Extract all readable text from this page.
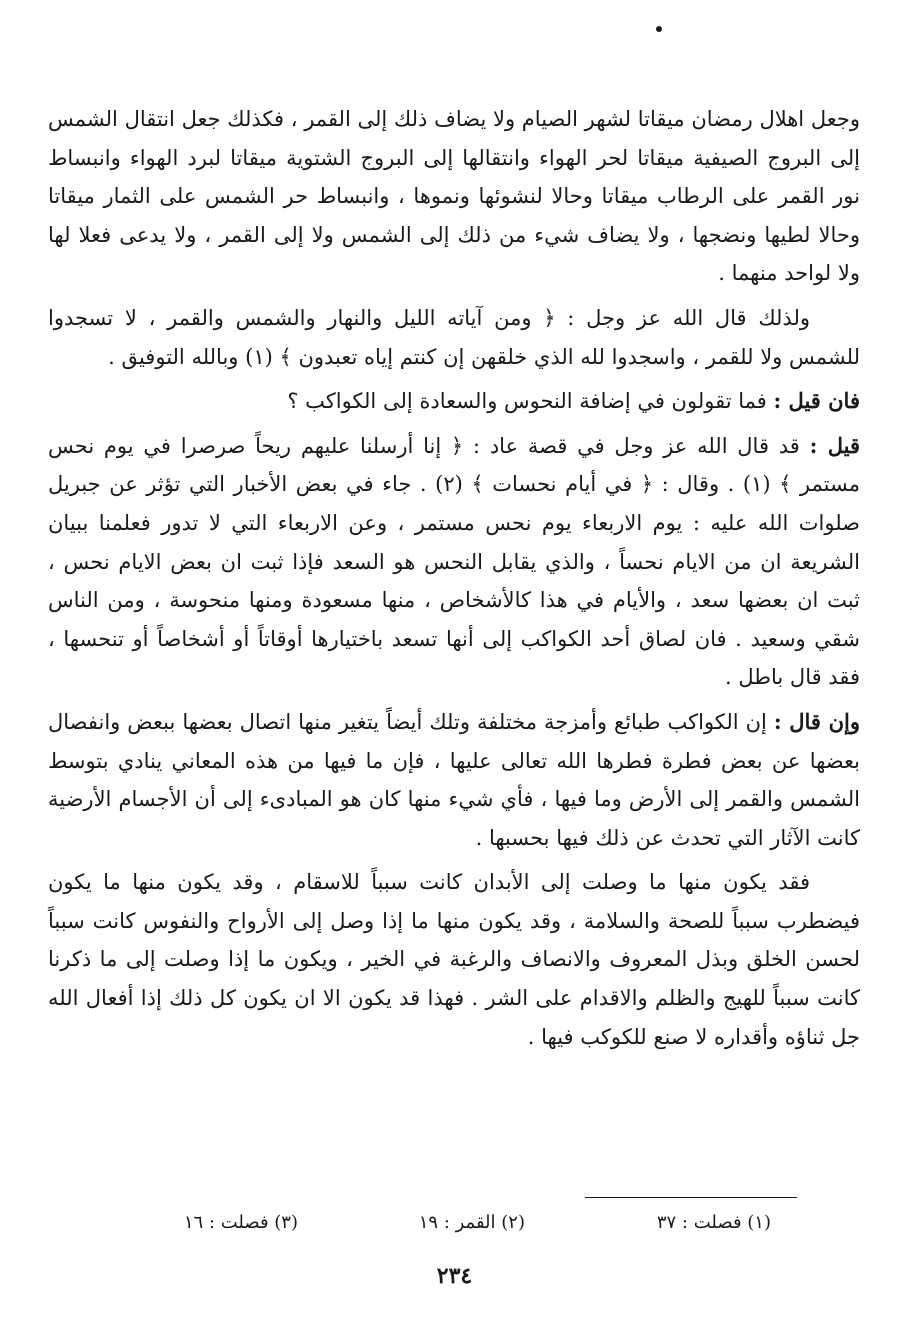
وجعل اهلال رمضان ميقاتا لشهر الصيام ولا يضاف ذلك إلى القمر ، فكذلك جعل انتقال الشمس إلى البروج الصيفية ميقاتا لحر الهواء وانتقالها إلى البروج الشتوية ميقاتا لبرد الهواء وانبساط نور القمر على الرطاب ميقاتا وحالا لنشوئها ونموها ، وانبساط حر الشمس على الثمار ميقاتا وحالا لطيها ونضجها ، ولا يضاف شيء من ذلك إلى الشمس ولا إلى القمر ، ولا يدعى فعلا لها ولا لواحد منهما .

ولذلك قال الله عز وجل : ﴿ ومن آياته الليل والنهار والشمس والقمر ، لا تسجدوا للشمس ولا للقمر ، واسجدوا لله الذي خلقهن إن كنتم إياه تعبدون ﴾ (١) وبالله التوفيق .

فان قيل : فما تقولون في إضافة النحوس والسعادة إلى الكواكب ؟

قيل : قد قال الله عز وجل في قصة عاد : ﴿ إنا أرسلنا عليهم ريحاً صرصرا في يوم نحس مستمر ﴾ (١) . وقال : ﴿ في أيام نحسات ﴾ (٢) . جاء في بعض الأخبار التي تؤثر عن جبريل صلوات الله عليه : يوم الاربعاء يوم نحس مستمر ، وعن الاربعاء التي لا تدور فعلمنا ببيان الشريعة ان من الايام نحساً ، والذي يقابل النحس هو السعد فإذا ثبت ان بعض الايام نحس ، ثبت ان بعضها سعد ، والأيام في هذا كالأشخاص ، منها مسعودة ومنها منحوسة ، ومن الناس شقي وسعيد . فان لصاق أحد الكواكب إلى أنها تسعد باختيارها أوقاتاً أو أشخاصاً أو تنحسها ، فقد قال باطل .

وإن قال : إن الكواكب طبائع وأمزجة مختلفة وتلك أيضاً يتغير منها اتصال بعضها ببعض وانفصال بعضها عن بعض فطرة فطرها الله تعالى عليها ، فإن ما فيها من هذه المعاني ينادي بتوسط الشمس والقمر إلى الأرض وما فيها ، فأي شيء منها كان هو المبادىء إلى أن الأجسام الأرضية كانت الآثار التي تحدث عن ذلك فيها بحسبها .

فقد يكون منها ما وصلت إلى الأبدان كانت سبباً للاسقام ، وقد يكون منها ما يكون فيضطرب سبباً للصحة والسلامة ، وقد يكون منها ما إذا وصل إلى الأرواح والنفوس كانت سبباً لحسن الخلق وبذل المعروف والانصاف والرغبة في الخير ، ويكون ما إذا وصلت إلى ما ذكرنا كانت سبباً للهيج والظلم والاقدام على الشر . فهذا قد يكون الا ان يكون كل ذلك إذا أفعال الله جل ثناؤه وأقداره لا صنع للكوكب فيها .

(١) فصلت : ٣٧
(٢) القمر : ١٩
(٣) فصلت : ١٦
٢٣٤
